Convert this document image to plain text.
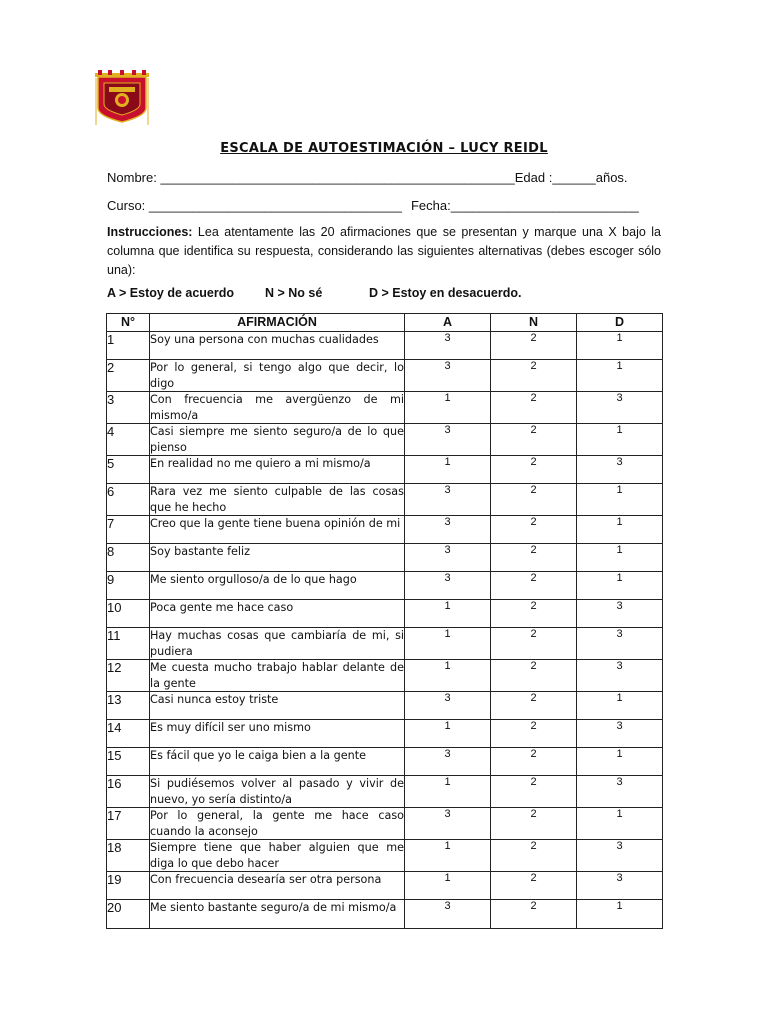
ESCALA DE AUTOESTIMACIÓN – LUCY REIDL
Nombre: _________________________________________________Edad :______años.
Curso: ___________________________________ Fecha:__________________________
Instrucciones: Lea atentamente las 20 afirmaciones que se presentan y marque una X bajo la columna que identifica su respuesta, considerando las siguientes alternativas (debes escoger sólo una):
A > Estoy de acuerdo N > No sé	D > Estoy en desacuerdo.
N°	AFIRMACIÓN	A	N	D
1	Soy una persona con muchas cualidades	3	2	1
2	Por lo general, si tengo algo que decir, lo digo	3	2	1
3	Con frecuencia me avergüenzo de mi mismo/a	1	2	3
4	Casi siempre me siento seguro/a de lo que pienso	3	2	1
5	En realidad no me quiero a mi mismo/a	1	2	3
6	Rara vez me siento culpable de las cosas que he hecho	3	2	1
7	Creo que la gente tiene buena opinión de mi	3	2	1
8	Soy bastante feliz	3	2	1
9	Me siento orgulloso/a de lo que hago	3	2	1
10	Poca gente me hace caso	1	2	3
11	Hay muchas cosas que cambiaría de mi, si pudiera	1	2	3
12	Me cuesta mucho trabajo hablar delante de la gente	1	2	3
13	Casi nunca estoy triste	3	2	1
14	Es muy difícil ser uno mismo	1	2	3
15	Es fácil que yo le caiga bien a la gente	3	2	1
16	Si pudiésemos volver al pasado y vivir de nuevo, yo sería distinto/a	1	2	3
17	Por lo general, la gente me hace caso cuando la aconsejo	3	2	1
18	Siempre tiene que haber alguien que me diga lo que debo hacer	1	2	3
19	Con frecuencia desearía ser otra persona	1	2	3
20	Me siento bastante seguro/a de mi mismo/a	3	2	1
